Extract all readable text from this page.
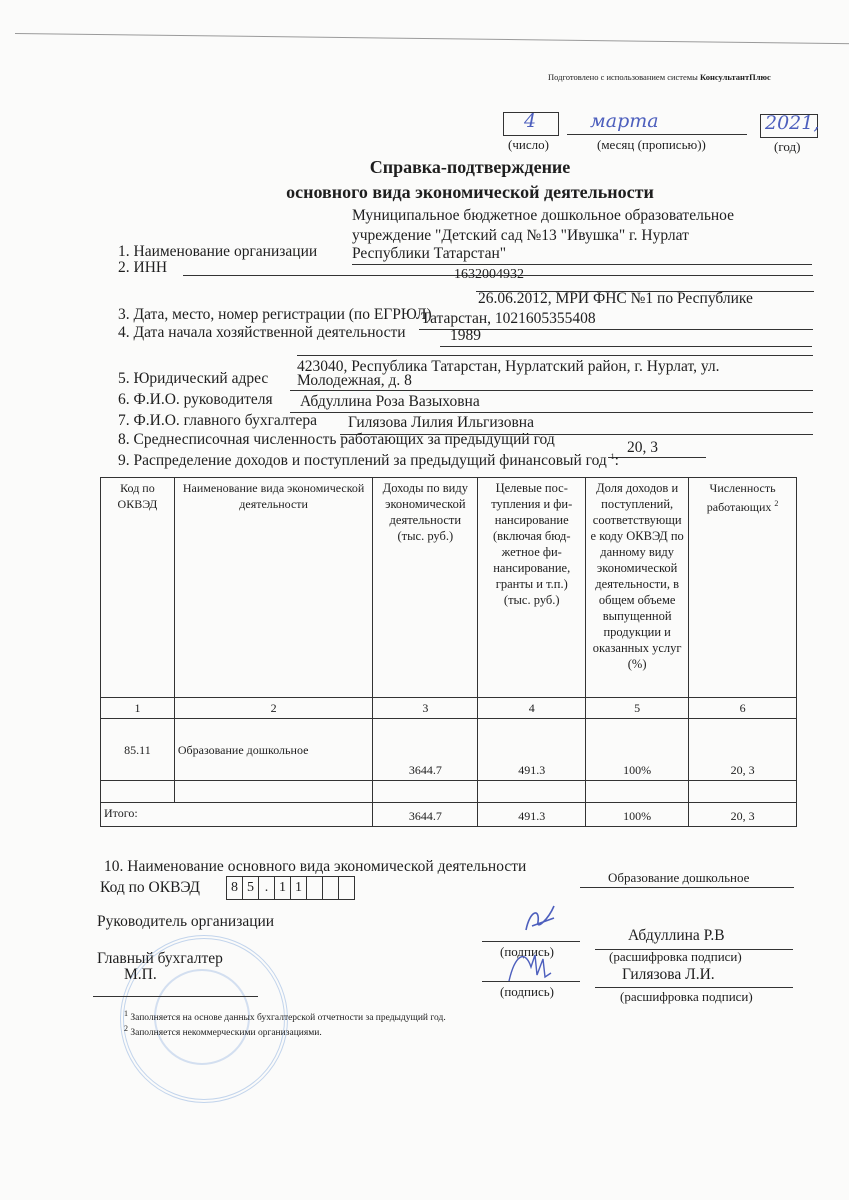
Подготовлено с использованием системы КонсультантПлюс
4	марта	2021,
(число)	(месяц (прописью))	(год)
Справка-подтверждение
основного вида экономической деятельности
Муниципальное бюджетное дошкольное образовательное
учреждение "Детский сад №13 "Ивушка" г. Нурлат
1. Наименование организации Республики Татарстан"
2. ИНН	1632004932
26.06.2012, МРИ ФНС №1 по Республике
3. Дата, место, номер регистрации (по ЕГРЮЛ)
Татарстан, 1021605355408
4. Дата начала хозяйственной деятельности	1989
423040, Республика Татарстан, Нурлатский район, г. Нурлат, ул.
5. Юридический адрес Молодежная, д. 8
6. Ф.И.О. руководителя Абдуллина Роза Вазыховна
7. Ф.И.О. главного бухгалтера Гилязова Лилия Ильгизовна
8. Среднесписочная численность работающих за предыдущий год	20, 3
9. Распределение доходов и поступлений за предыдущий финансовый год $^1$:
Код по ОКВЭД	Наименование вида экономической деятельности	Доходы по виду экономической деятельности (тыс. руб.)	Целевые пос-тупления и фи-нансирование (включая бюд-жетное фи-нансирование, гранты и т.п.) (тыс. руб.)	Доля доходов и поступлений, соответствующи е коду ОКВЭД по данному виду экономической деятельности, в общем объеме выпущенной продукции и оказанных услуг (%)	Численность работающих $^2$
1	2	3	4	5	6
85.11	Образование дошкольное	3644.7	491.3	100%	20, 3

Итого:		3644.7	491.3	100%	20, 3
10. Наименование основного вида экономической деятельности
Образование дошкольное
Код по ОКВЭД 8 5 . 1 1
Руководитель организации
Главный бухгалтер
М.П.
Абдуллина Р.В
(подпись)	(расшифровка подписи)
Гилязова Л.И.
(подпись)	(расшифровка подписи)
$^1$ Заполняется на основе данных бухгалтерской отчетности за предыдущий год.
$^2$ Заполняется некоммерческими организациями.
